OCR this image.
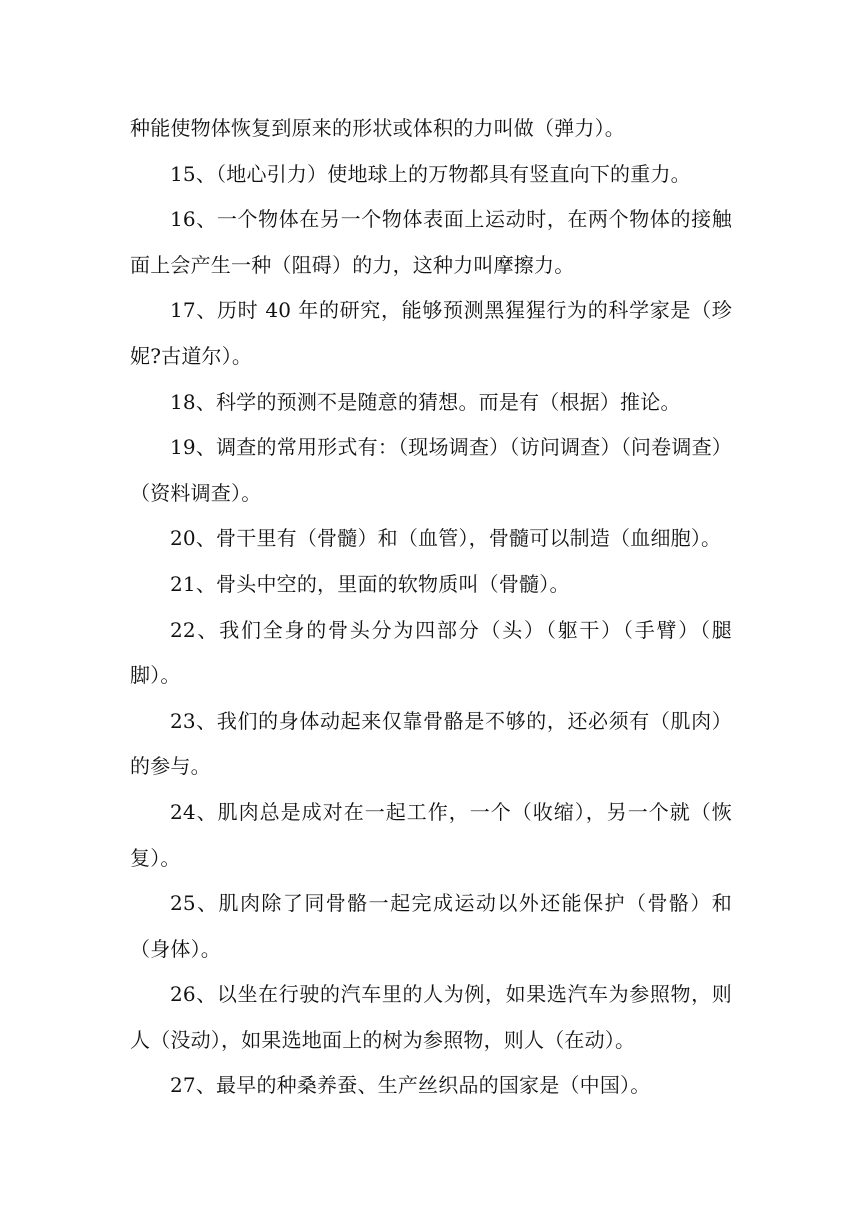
种能使物体恢复到原来的形状或体积的力叫做（弹力）。

15、（地心引力）使地球上的万物都具有竖直向下的重力。

16、一个物体在另一个物体表面上运动时，在两个物体的接触面上会产生一种（阻碍）的力，这种力叫摩擦力。

17、历时 40 年的研究，能够预测黑猩猩行为的科学家是（珍妮?古道尔）。

18、科学的预测不是随意的猜想。而是有（根据）推论。

19、调查的常用形式有：（现场调查）（访问调查）（问卷调查）（资料调查）。

20、骨干里有（骨髓）和（血管），骨髓可以制造（血细胞）。

21、骨头中空的，里面的软物质叫（骨髓）。

22、我们全身的骨头分为四部分（头）（躯干）（手臂）（腿脚）。

23、我们的身体动起来仅靠骨骼是不够的，还必须有（肌肉）的参与。

24、肌肉总是成对在一起工作，一个（收缩），另一个就（恢复）。

25、肌肉除了同骨骼一起完成运动以外还能保护（骨骼）和（身体）。

26、以坐在行驶的汽车里的人为例，如果选汽车为参照物，则人（没动），如果选地面上的树为参照物，则人（在动）。

27、最早的种桑养蚕、生产丝织品的国家是（中国）。
